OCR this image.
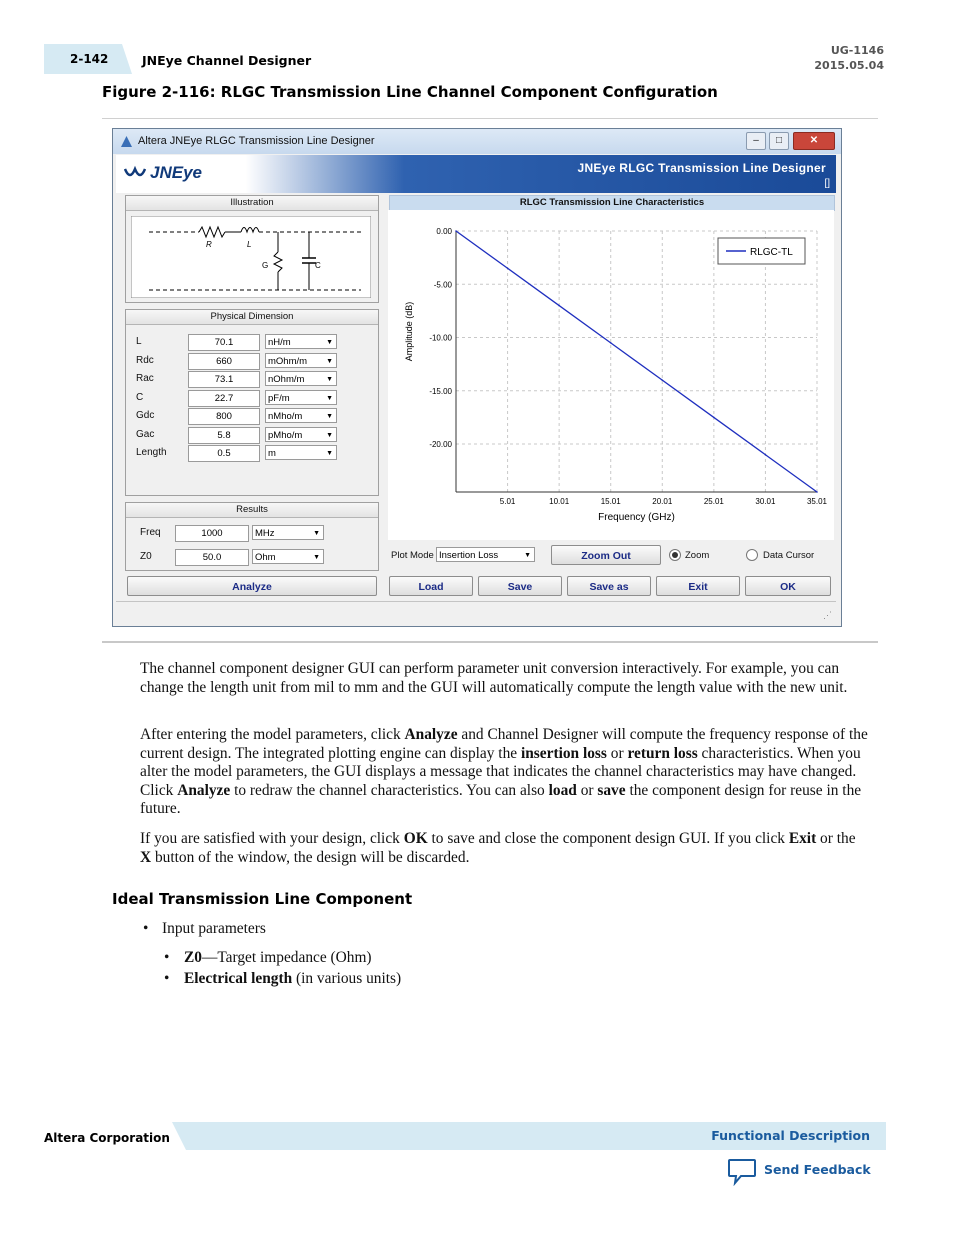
2-142	JNEye Channel Designer
UG-1146
2015.05.04
Figure 2-116: RLGC Transmission Line Channel Component Configuration
Altera JNEye RLGC Transmission Line Designer	–	□	✕
JNEye	JNEye RLGC Transmission Line Designer
[]
Illustration
R	L
G	C
Physical Dimension
L	70.1	nH/m	▼
Rdc	660	mOhm/m	▼
Rac	73.1	nOhm/m	▼
C	22.7	pF/m	▼
Gdc	800	nMho/m	▼
Gac	5.8	pMho/m	▼
Length	0.5	m	▼
Results
Freq	1000	MHz	▼
Z0	50.0	Ohm	▼
RLGC Transmission Line Characteristics
5.01	10.01	15.01	20.01	25.01	30.01	35.01
0.00
-5.00
-10.00
-15.00
-20.00
Frequency (GHz)
Amplitude (dB)
RLGC-TL
Plot Mode Insertion Loss	▼	Zoom Out	Zoom	Data Cursor
Analyze	Load	Save	Save as	Exit	OK
⋰
The channel component designer GUI can perform parameter unit conversion interactively. For example, you can change the length unit from mil to mm and the GUI will automatically compute the length value with the new unit.
After entering the model parameters, click Analyze and Channel Designer will compute the frequency response of the current design. The integrated plotting engine can display the insertion loss or return loss characteristics. When you alter the model parameters, the GUI displays a message that indicates the channel characteristics may have changed. Click Analyze to redraw the channel characteristics. You can also load or save the component design for reuse in the future.
If you are satisfied with your design, click OK to save and close the component design GUI. If you click Exit or the X button of the window, the design will be discarded.
Ideal Transmission Line Component
• Input parameters
• Z0—Target impedance (Ohm)
• Electrical length (in various units)
Altera Corporation	Functional Description
Send Feedback
